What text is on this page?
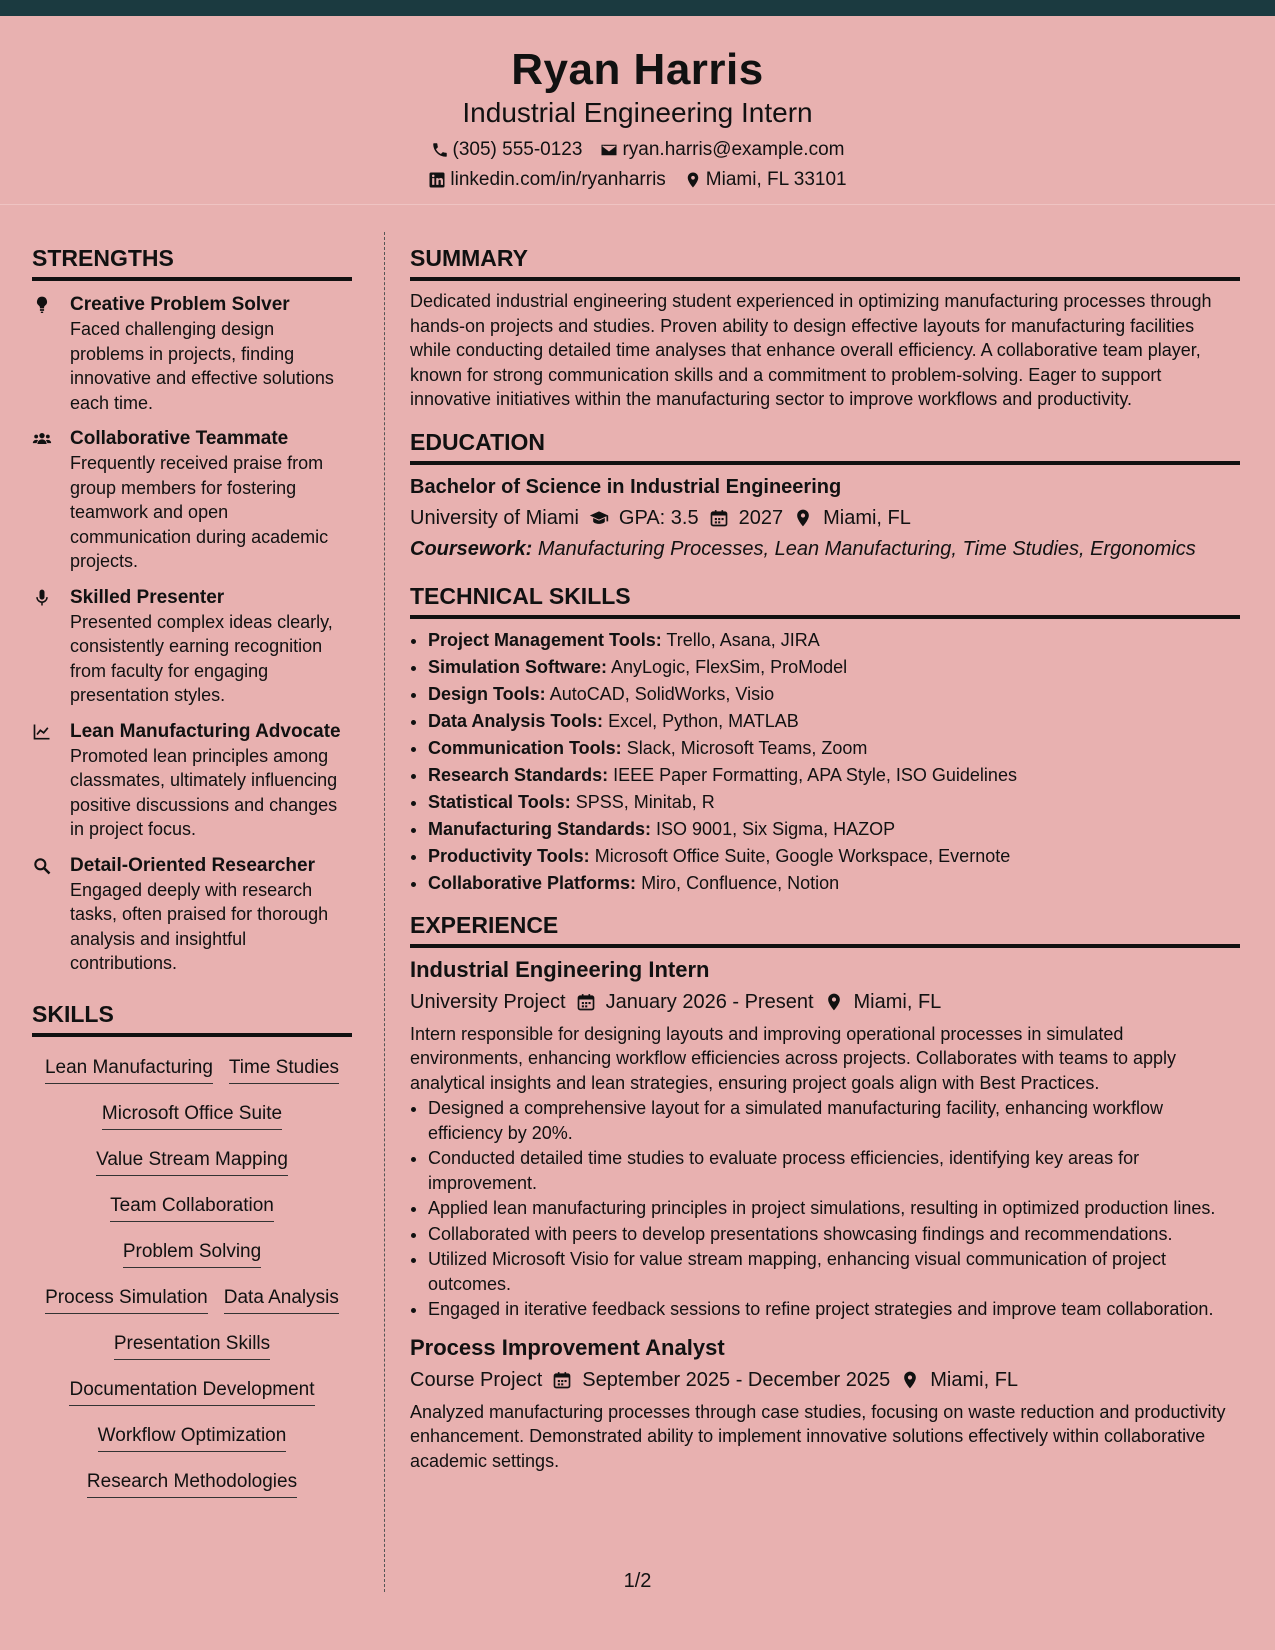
Ryan Harris
Industrial Engineering Intern
(305) 555-0123 ryan.harris@example.com
linkedin.com/in/ryanharris Miami, FL 33101
STRENGTHS
Creative Problem Solver
Faced challenging design problems in projects, finding innovative and effective solutions each time.
Collaborative Teammate
Frequently received praise from group members for fostering teamwork and open communication during academic projects.
Skilled Presenter
Presented complex ideas clearly, consistently earning recognition from faculty for engaging presentation styles.
Lean Manufacturing Advocate
Promoted lean principles among classmates, ultimately influencing positive discussions and changes in project focus.
Detail-Oriented Researcher
Engaged deeply with research tasks, often praised for thorough analysis and insightful contributions.
SKILLS
Lean Manufacturing Time Studies
Microsoft Office Suite
Value Stream Mapping
Team Collaboration
Problem Solving
Process Simulation Data Analysis
Presentation Skills
Documentation Development
Workflow Optimization
Research Methodologies
SUMMARY
Dedicated industrial engineering student experienced in optimizing manufacturing processes through hands-on projects and studies. Proven ability to design effective layouts for manufacturing facilities while conducting detailed time analyses that enhance overall efficiency. A collaborative team player, known for strong communication skills and a commitment to problem-solving. Eager to support innovative initiatives within the manufacturing sector to improve workflows and productivity.
EDUCATION
Bachelor of Science in Industrial Engineering
University of Miami GPA: 3.5 2027 Miami, FL
Coursework: Manufacturing Processes, Lean Manufacturing, Time Studies, Ergonomics
TECHNICAL SKILLS
• Project Management Tools: Trello, Asana, JIRA
• Simulation Software: AnyLogic, FlexSim, ProModel
• Design Tools: AutoCAD, SolidWorks, Visio
• Data Analysis Tools: Excel, Python, MATLAB
• Communication Tools: Slack, Microsoft Teams, Zoom
• Research Standards: IEEE Paper Formatting, APA Style, ISO Guidelines
• Statistical Tools: SPSS, Minitab, R
• Manufacturing Standards: ISO 9001, Six Sigma, HAZOP
• Productivity Tools: Microsoft Office Suite, Google Workspace, Evernote
• Collaborative Platforms: Miro, Confluence, Notion
EXPERIENCE
Industrial Engineering Intern
University Project January 2026 - Present Miami, FL
Intern responsible for designing layouts and improving operational processes in simulated environments, enhancing workflow efficiencies across projects. Collaborates with teams to apply analytical insights and lean strategies, ensuring project goals align with Best Practices.
• Designed a comprehensive layout for a simulated manufacturing facility, enhancing workflow efficiency by 20%.
• Conducted detailed time studies to evaluate process efficiencies, identifying key areas for improvement.
• Applied lean manufacturing principles in project simulations, resulting in optimized production lines.
• Collaborated with peers to develop presentations showcasing findings and recommendations.
• Utilized Microsoft Visio for value stream mapping, enhancing visual communication of project outcomes.
• Engaged in iterative feedback sessions to refine project strategies and improve team collaboration.
Process Improvement Analyst
Course Project September 2025 - December 2025 Miami, FL
Analyzed manufacturing processes through case studies, focusing on waste reduction and productivity enhancement. Demonstrated ability to implement innovative solutions effectively within collaborative academic settings.
1/2
